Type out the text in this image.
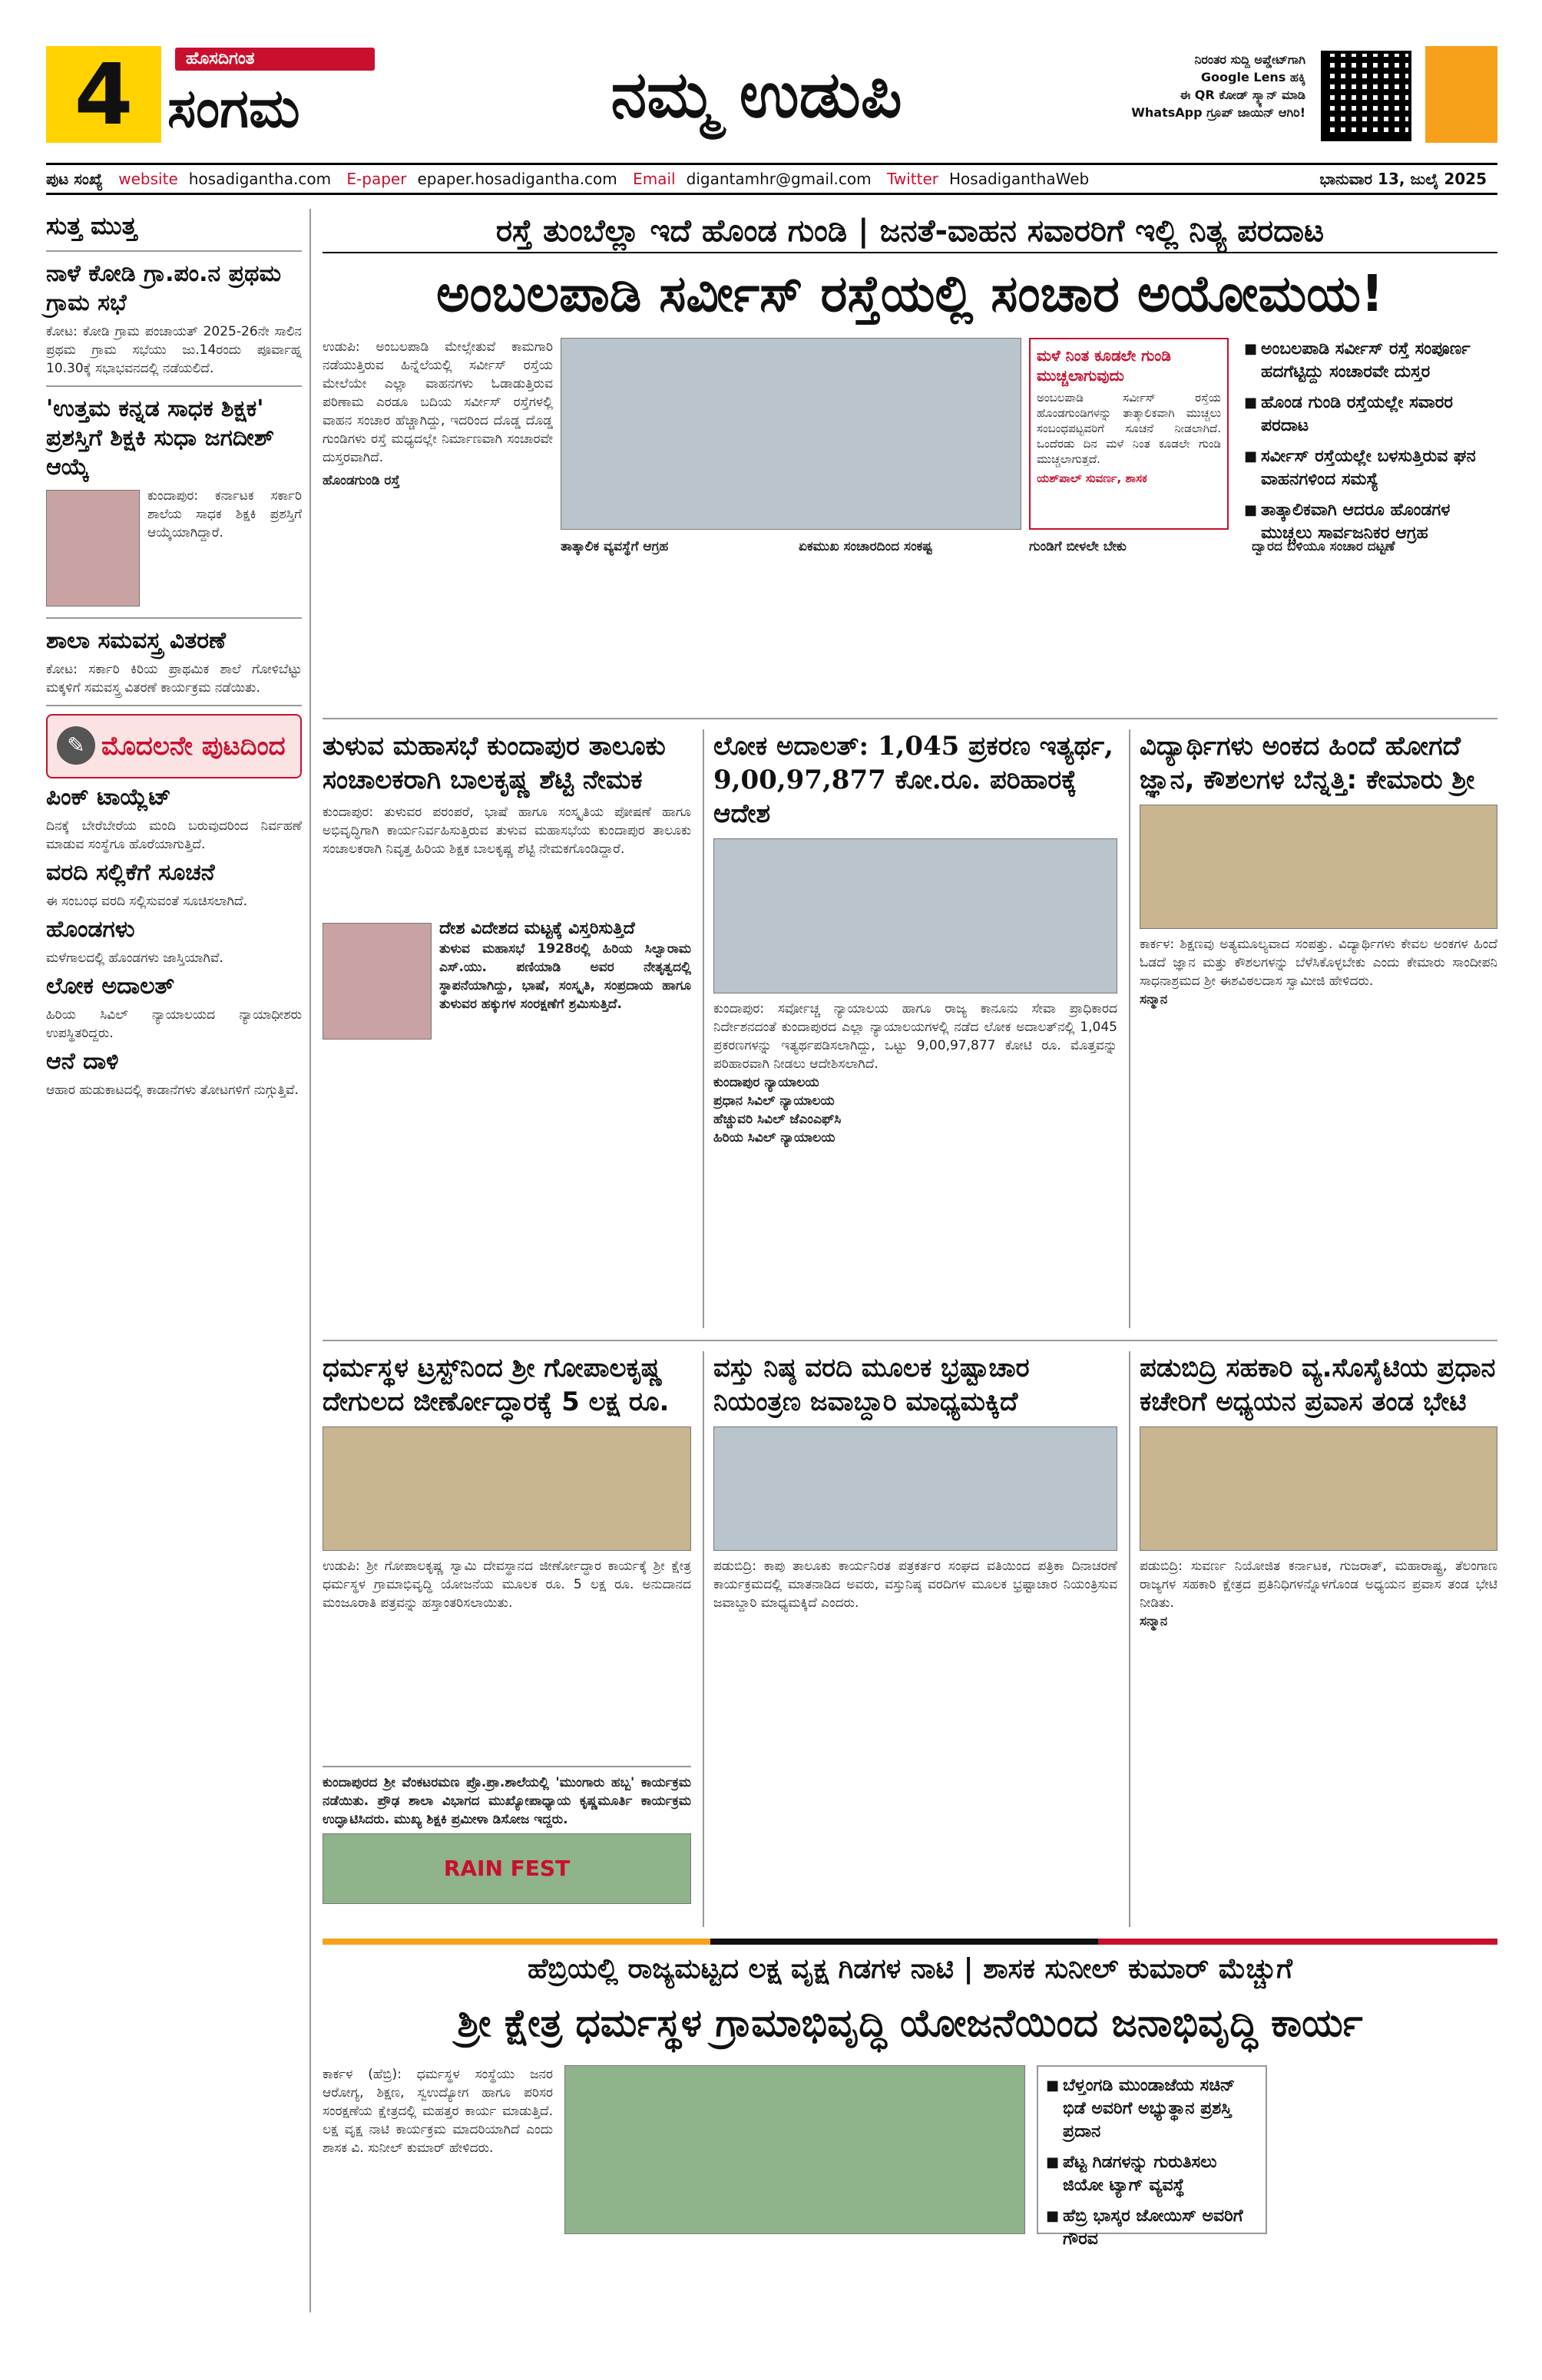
4	ಹೊಸದಿಗಂತ
ಸಂಗಮ	ನಮ್ಮ ಉಡುಪಿ	ನಿರಂತರ ಸುದ್ದಿ ಅಪ್ಡೇಟ್‌ಗಾಗಿ
Google Lens ಹಕ್ಕಿ
ಈ QR ಕೋಡ್ ಸ್ಕ್ಯಾನ್ ಮಾಡಿ
WhatsApp ಗ್ರೂಪ್ ಜಾಯಿನ್ ಆಗಿರಿ!
ಪುಟ ಸಂಖ್ಯೆ website hosadigantha.com E-paper epaper.hosadigantha.com Email digantamhr@gmail.com Twitter HosadiganthaWeb	ಭಾನುವಾರ 13, ಜುಲೈ 2025
ಸುತ್ತ ಮುತ್ತ
ನಾಳೆ ಕೋಡಿ ಗ್ರಾ.ಪಂ.ನ ಪ್ರಥಮ ಗ್ರಾಮ ಸಭೆ
ಕೋಟ: ಕೋಡಿ ಗ್ರಾಮ ಪಂಚಾಯತ್ 2025-26ನೇ ಸಾಲಿನ ಪ್ರಥಮ ಗ್ರಾಮ ಸಭೆಯು ಜು.14ರಂದು ಪೂರ್ವಾಹ್ನ 10.30ಕ್ಕೆ ಸಭಾಭವನದಲ್ಲಿ ನಡೆಯಲಿದೆ.
'ಉತ್ತಮ ಕನ್ನಡ ಸಾಧಕ ಶಿಕ್ಷಕ' ಪ್ರಶಸ್ತಿಗೆ ಶಿಕ್ಷಕಿ ಸುಧಾ ಜಗದೀಶ್ ಆಯ್ಕೆ
ಕುಂದಾಪುರ: ಕರ್ನಾಟಕ ಸರ್ಕಾರಿ ಶಾಲೆಯ ಸಾಧಕ ಶಿಕ್ಷಕಿ ಪ್ರಶಸ್ತಿಗೆ ಆಯ್ಕೆಯಾಗಿದ್ದಾರೆ.
ಶಾಲಾ ಸಮವಸ್ತ್ರ ವಿತರಣೆ
ಕೋಟ: ಸರ್ಕಾರಿ ಕಿರಿಯ ಪ್ರಾಥಮಿಕ ಶಾಲೆ ಗೋಳಿಬೆಟ್ಟು ಮಕ್ಕಳಿಗೆ ಸಮವಸ್ತ್ರ ವಿತರಣೆ ಕಾರ್ಯಕ್ರಮ ನಡೆಯಿತು.
✎ ಮೊದಲನೇ ಪುಟದಿಂದ
ಪಿಂಕ್ ಟಾಯ್ಲೆಟ್
ದಿನಕ್ಕೆ ಬೇರೆಬೇರೆಯ ಮಂದಿ ಬರುವುದರಿಂದ ನಿರ್ವಹಣೆ ಮಾಡುವ ಸಂಸ್ಥೆಗೂ ಹೊರೆಯಾಗುತ್ತಿದೆ.
ವರದಿ ಸಲ್ಲಿಕೆಗೆ ಸೂಚನೆ
ಈ ಸಂಬಂಧ ವರದಿ ಸಲ್ಲಿಸುವಂತೆ ಸೂಚಿಸಲಾಗಿದೆ.
ಹೊಂಡಗಳು
ಮಳೆಗಾಲದಲ್ಲಿ ಹೊಂಡಗಳು ಜಾಸ್ತಿಯಾಗಿವೆ.
ಲೋಕ ಅದಾಲತ್
ಹಿರಿಯ ಸಿವಿಲ್ ನ್ಯಾಯಾಲಯದ ನ್ಯಾಯಾಧೀಶರು ಉಪಸ್ಥಿತರಿದ್ದರು.
ಆನೆ ದಾಳಿ
ಆಹಾರ ಹುಡುಕಾಟದಲ್ಲಿ ಕಾಡಾನೆಗಳು ತೋಟಗಳಿಗೆ ನುಗ್ಗುತ್ತಿವೆ.
ರಸ್ತೆ ತುಂಬೆಲ್ಲಾ ಇದೆ ಹೊಂಡ ಗುಂಡಿ | ಜನತೆ-ವಾಹನ ಸವಾರರಿಗೆ ಇಲ್ಲಿ ನಿತ್ಯ ಪರದಾಟ
ಅಂಬಲಪಾಡಿ ಸರ್ವೀಸ್ ರಸ್ತೆಯಲ್ಲಿ ಸಂಚಾರ ಅಯೋಮಯ!
ಉಡುಪಿ: ಅಂಬಲಪಾಡಿ ಮೇಲ್ಸೇತುವೆ ಕಾಮಗಾರಿ ನಡೆಯುತ್ತಿರುವ ಹಿನ್ನೆಲೆಯಲ್ಲಿ ಸರ್ವೀಸ್ ರಸ್ತೆಯ ಮೇಲೆಯೇ ಎಲ್ಲಾ ವಾಹನಗಳು ಓಡಾಡುತ್ತಿರುವ ಪರಿಣಾಮ ಎರಡೂ ಬದಿಯ ಸರ್ವೀಸ್ ರಸ್ತೆಗಳಲ್ಲಿ ವಾಹನ ಸಂಚಾರ ಹೆಚ್ಚಾಗಿದ್ದು, ಇದರಿಂದ ದೊಡ್ಡ ದೊಡ್ಡ ಗುಂಡಿಗಳು ರಸ್ತೆ ಮಧ್ಯದಲ್ಲೇ ನಿರ್ಮಾಣವಾಗಿ ಸಂಚಾರವೇ ದುಸ್ತರವಾಗಿದೆ.
ಹೊಂಡಗುಂಡಿ ರಸ್ತೆ
ತಾತ್ಕಾಲಿಕ ವ್ಯವಸ್ಥೆಗೆ ಆಗ್ರಹ	ಏಕಮುಖ ಸಂಚಾರದಿಂದ ಸಂಕಷ್ಟ
ಮಳೆ ನಿಂತ ಕೂಡಲೇ ಗುಂಡಿ ಮುಚ್ಚಲಾಗುವುದು
ಅಂಬಲಪಾಡಿ ಸರ್ವೀಸ್ ರಸ್ತೆಯ ಹೊಂಡಗುಂಡಿಗಳನ್ನು ತಾತ್ಕಾಲಿಕವಾಗಿ ಮುಚ್ಚಲು ಸಂಬಂಧಪಟ್ಟವರಿಗೆ ಸೂಚನೆ ನೀಡಲಾಗಿದೆ. ಒಂದೆರಡು ದಿನ ಮಳೆ ನಿಂತ ಕೂಡಲೇ ಗುಂಡಿ ಮುಚ್ಚಲಾಗುತ್ತದೆ.
ಯಶ್‌ಪಾಲ್ ಸುವರ್ಣ, ಶಾಸಕ
ಗುಂಡಿಗೆ ಬೀಳಲೇ ಬೇಕು
■ ಅಂಬಲಪಾಡಿ ಸರ್ವೀಸ್ ರಸ್ತೆ ಸಂಪೂರ್ಣ ಹದಗೆಟ್ಟಿದ್ದು ಸಂಚಾರವೇ ದುಸ್ತರ
■ ಹೊಂಡ ಗುಂಡಿ ರಸ್ತೆಯಲ್ಲೇ ಸವಾರರ ಪರದಾಟ
■ ಸರ್ವೀಸ್ ರಸ್ತೆಯಲ್ಲೇ ಬಳಸುತ್ತಿರುವ ಘನ ವಾಹನಗಳಿಂದ ಸಮಸ್ಯೆ
■ ತಾತ್ಕಾಲಿಕವಾಗಿ ಆದರೂ ಹೊಂಡಗಳ ಮುಚ್ಚಲು ಸಾರ್ವಜನಿಕರ ಆಗ್ರಹ
ದ್ವಾರದ ಬಳಿಯೂ ಸಂಚಾರ ದಟ್ಟಣೆ
ತುಳುವ ಮಹಾಸಭೆ ಕುಂದಾಪುರ ತಾಲೂಕು ಸಂಚಾಲಕರಾಗಿ ಬಾಲಕೃಷ್ಣ ಶೆಟ್ಟಿ ನೇಮಕ
ಕುಂದಾಪುರ: ತುಳುವರ ಪರಂಪರೆ, ಭಾಷೆ ಹಾಗೂ ಸಂಸ್ಕೃತಿಯ ಪೋಷಣೆ ಹಾಗೂ ಅಭಿವೃದ್ಧಿಗಾಗಿ ಕಾರ್ಯನಿರ್ವಹಿಸುತ್ತಿರುವ ತುಳುವ ಮಹಾಸಭೆಯ ಕುಂದಾಪುರ ತಾಲೂಕು ಸಂಚಾಲಕರಾಗಿ ನಿವೃತ್ತ ಹಿರಿಯ ಶಿಕ್ಷಕ ಬಾಲಕೃಷ್ಣ ಶೆಟ್ಟಿ ನೇಮಕಗೊಂಡಿದ್ದಾರೆ.
ದೇಶ ವಿದೇಶದ ಮಟ್ಟಕ್ಕೆ ವಿಸ್ತರಿಸುತ್ತಿದೆ
ತುಳುವ ಮಹಾಸಭೆ 1928ರಲ್ಲಿ ಹಿರಿಯ ಸಿಲ್ವಾರಾಮ ಎಸ್.ಯು. ಪಣಿಯಾಡಿ ಅವರ ನೇತೃತ್ವದಲ್ಲಿ ಸ್ಥಾಪನೆಯಾಗಿದ್ದು, ಭಾಷೆ, ಸಂಸ್ಕೃತಿ, ಸಂಪ್ರದಾಯ ಹಾಗೂ ತುಳುವರ ಹಕ್ಕುಗಳ ಸಂರಕ್ಷಣೆಗೆ ಶ್ರಮಿಸುತ್ತಿದೆ.
ಲೋಕ ಅದಾಲತ್: 1,045 ಪ್ರಕರಣ ಇತ್ಯರ್ಥ, 9,00,97,877 ಕೋ.ರೂ. ಪರಿಹಾರಕ್ಕೆ ಆದೇಶ
ಕುಂದಾಪುರ: ಸರ್ವೋಚ್ಚ ನ್ಯಾಯಾಲಯ ಹಾಗೂ ರಾಜ್ಯ ಕಾನೂನು ಸೇವಾ ಪ್ರಾಧಿಕಾರದ ನಿರ್ದೇಶನದಂತೆ ಕುಂದಾಪುರದ ಎಲ್ಲಾ ನ್ಯಾಯಾಲಯಗಳಲ್ಲಿ ನಡೆದ ಲೋಕ ಅದಾಲತ್‌ನಲ್ಲಿ 1,045 ಪ್ರಕರಣಗಳನ್ನು ಇತ್ಯರ್ಥಪಡಿಸಲಾಗಿದ್ದು, ಒಟ್ಟು 9,00,97,877 ಕೋಟಿ ರೂ. ಮೊತ್ತವನ್ನು ಪರಿಹಾರವಾಗಿ ನೀಡಲು ಆದೇಶಿಸಲಾಗಿದೆ.
ಕುಂದಾಪುರ ನ್ಯಾಯಾಲಯ
ಪ್ರಧಾನ ಸಿವಿಲ್ ನ್ಯಾಯಾಲಯ
ಹೆಚ್ಚುವರಿ ಸಿವಿಲ್ ಜೆಎಂಎಫ್‌ಸಿ
ಹಿರಿಯ ಸಿವಿಲ್ ನ್ಯಾಯಾಲಯ
ವಿದ್ಯಾರ್ಥಿಗಳು ಅಂಕದ ಹಿಂದೆ ಹೋಗದೆ ಜ್ಞಾನ, ಕೌಶಲಗಳ ಬೆನ್ನತ್ತಿ: ಕೇಮಾರು ಶ್ರೀ
ಕಾರ್ಕಳ: ಶಿಕ್ಷಣವು ಅತ್ಯಮೂಲ್ಯವಾದ ಸಂಪತ್ತು. ವಿದ್ಯಾರ್ಥಿಗಳು ಕೇವಲ ಅಂಕಗಳ ಹಿಂದೆ ಓಡದೆ ಜ್ಞಾನ ಮತ್ತು ಕೌಶಲಗಳನ್ನು ಬೆಳೆಸಿಕೊಳ್ಳಬೇಕು ಎಂದು ಕೇಮಾರು ಸಾಂದೀಪನಿ ಸಾಧನಾಶ್ರಮದ ಶ್ರೀ ಈಶವಿಠಲದಾಸ ಸ್ವಾಮೀಜಿ ಹೇಳಿದರು.
ಸನ್ಮಾನ
ಧರ್ಮಸ್ಥಳ ಟ್ರಸ್ಟ್‌ನಿಂದ ಶ್ರೀ ಗೋಪಾಲಕೃಷ್ಣ ದೇಗುಲದ ಜೀರ್ಣೋದ್ಧಾರಕ್ಕೆ 5 ಲಕ್ಷ ರೂ.
ಉಡುಪಿ: ಶ್ರೀ ಗೋಪಾಲಕೃಷ್ಣ ಸ್ವಾಮಿ ದೇವಸ್ಥಾನದ ಜೀರ್ಣೋದ್ಧಾರ ಕಾರ್ಯಕ್ಕೆ ಶ್ರೀ ಕ್ಷೇತ್ರ ಧರ್ಮಸ್ಥಳ ಗ್ರಾಮಾಭಿವೃದ್ಧಿ ಯೋಜನೆಯ ಮೂಲಕ ರೂ. 5 ಲಕ್ಷ ರೂ. ಅನುದಾನದ ಮಂಜೂರಾತಿ ಪತ್ರವನ್ನು ಹಸ್ತಾಂತರಿಸಲಾಯಿತು.
ಕುಂದಾಪುರದ ಶ್ರೀ ವೆಂಕಟರಮಣ ಪ್ರೊ.ಪ್ರಾ.ಶಾಲೆಯಲ್ಲಿ 'ಮುಂಗಾರು ಹಬ್ಬ' ಕಾರ್ಯಕ್ರಮ ನಡೆಯಿತು. ಪ್ರೌಢ ಶಾಲಾ ವಿಭಾಗದ ಮುಖ್ಯೋಪಾಧ್ಯಾಯ ಕೃಷ್ಣಮೂರ್ತಿ ಕಾರ್ಯಕ್ರಮ ಉದ್ಘಾಟಿಸಿದರು. ಮುಖ್ಯ ಶಿಕ್ಷಕಿ ಪ್ರಮೀಳಾ ಡಿಸೋಜ ಇದ್ದರು.
RAIN FEST
ವಸ್ತು ನಿಷ್ಠ ವರದಿ ಮೂಲಕ ಭ್ರಷ್ಟಾಚಾರ ನಿಯಂತ್ರಣ ಜವಾಬ್ದಾರಿ ಮಾಧ್ಯಮಕ್ಕಿದೆ
ಪಡುಬಿದ್ರಿ: ಕಾಪು ತಾಲೂಕು ಕಾರ್ಯನಿರತ ಪತ್ರಕರ್ತರ ಸಂಘದ ವತಿಯಿಂದ ಪತ್ರಿಕಾ ದಿನಾಚರಣೆ ಕಾರ್ಯಕ್ರಮದಲ್ಲಿ ಮಾತನಾಡಿದ ಅವರು, ವಸ್ತುನಿಷ್ಠ ವರದಿಗಳ ಮೂಲಕ ಭ್ರಷ್ಟಾಚಾರ ನಿಯಂತ್ರಿಸುವ ಜವಾಬ್ದಾರಿ ಮಾಧ್ಯಮಕ್ಕಿದೆ ಎಂದರು.
ಪಡುಬಿದ್ರಿ ಸಹಕಾರಿ ವ್ಯ.ಸೊಸೈಟಿಯ ಪ್ರಧಾನ ಕಚೇರಿಗೆ ಅಧ್ಯಯನ ಪ್ರವಾಸ ತಂಡ ಭೇಟಿ
ಪಡುಬಿದ್ರಿ: ಸುವರ್ಣ ನಿಯೋಜಿತ ಕರ್ನಾಟಕ, ಗುಜರಾತ್, ಮಹಾರಾಷ್ಟ್ರ, ತೆಲಂಗಾಣ ರಾಜ್ಯಗಳ ಸಹಕಾರಿ ಕ್ಷೇತ್ರದ ಪ್ರತಿನಿಧಿಗಳನ್ನೊಳಗೊಂಡ ಅಧ್ಯಯನ ಪ್ರವಾಸ ತಂಡ ಭೇಟಿ ನೀಡಿತು.
ಸನ್ಮಾನ
ಹೆಬ್ರಿಯಲ್ಲಿ ರಾಜ್ಯಮಟ್ಟದ ಲಕ್ಷ ವೃಕ್ಷ ಗಿಡಗಳ ನಾಟಿ | ಶಾಸಕ ಸುನೀಲ್ ಕುಮಾರ್ ಮೆಚ್ಚುಗೆ
ಶ್ರೀ ಕ್ಷೇತ್ರ ಧರ್ಮಸ್ಥಳ ಗ್ರಾಮಾಭಿವೃದ್ಧಿ ಯೋಜನೆಯಿಂದ ಜನಾಭಿವೃದ್ಧಿ ಕಾರ್ಯ
ಕಾರ್ಕಳ (ಹೆಬ್ರಿ): ಧರ್ಮಸ್ಥಳ ಸಂಸ್ಥೆಯು ಜನರ ಆರೋಗ್ಯ, ಶಿಕ್ಷಣ, ಸ್ವಉದ್ಯೋಗ ಹಾಗೂ ಪರಿಸರ ಸಂರಕ್ಷಣೆಯ ಕ್ಷೇತ್ರದಲ್ಲಿ ಮಹತ್ತರ ಕಾರ್ಯ ಮಾಡುತ್ತಿದೆ. ಲಕ್ಷ ವೃಕ್ಷ ನಾಟಿ ಕಾರ್ಯಕ್ರಮ ಮಾದರಿಯಾಗಿದೆ ಎಂದು ಶಾಸಕ ವಿ. ಸುನೀಲ್ ಕುಮಾರ್ ಹೇಳಿದರು.
■ ಬೆಳ್ತಂಗಡಿ ಮುಂಡಾಜೆಯ ಸಚಿನ್ ಭಿಡೆ ಅವರಿಗೆ ಅಭ್ಯುತ್ಥಾನ ಪ್ರಶಸ್ತಿ ಪ್ರದಾನ
■ ಪೆಟ್ಟ ಗಿಡಗಳನ್ನು ಗುರುತಿಸಲು ಜಿಯೋ ಟ್ಯಾಗ್ ವ್ಯವಸ್ಥೆ
■ ಹೆಬ್ರಿ ಭಾಸ್ಕರ ಜೋಯಿಸ್ ಅವರಿಗೆ ಗೌರವ
